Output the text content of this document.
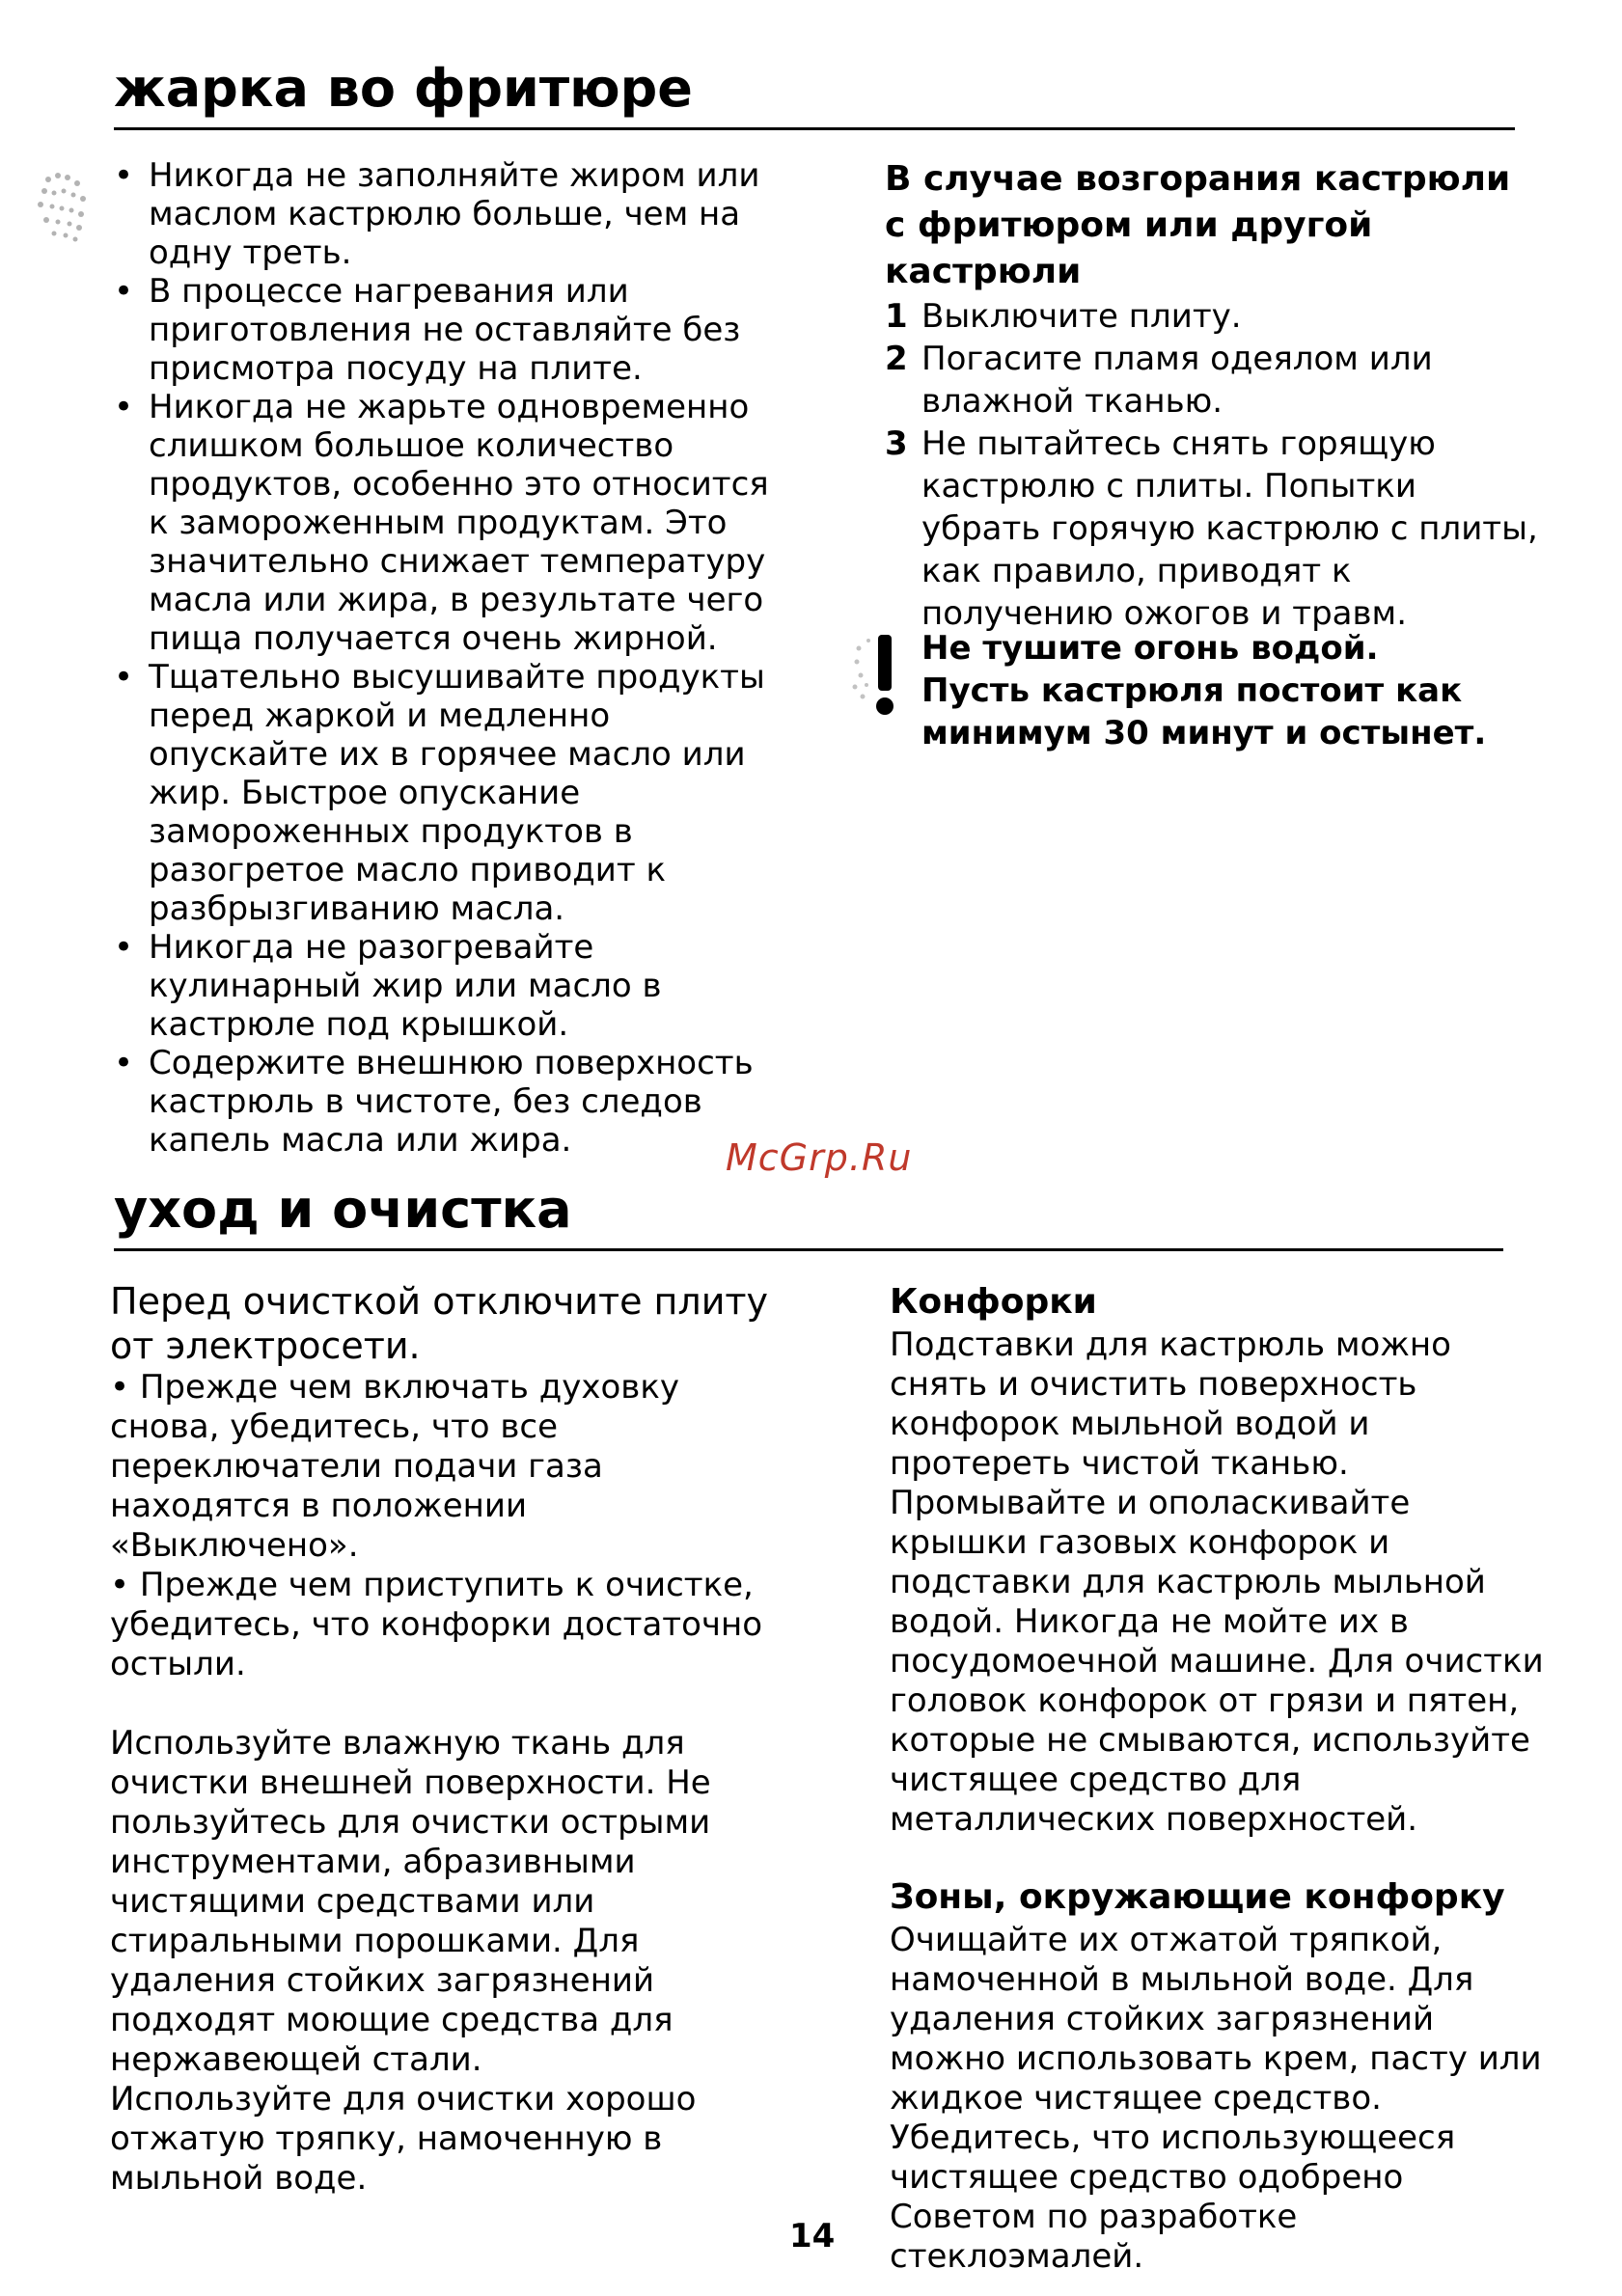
жарка во фритюре
• Никогда не заполняйте жиром или маслом кастрюлю больше, чем на одну треть.
• В процессе нагревания или приготовления не оставляйте без присмотра посуду на плите.
• Никогда не жарьте одновременно слишком большое количество продуктов, особенно это относится к замороженным продуктам. Это значительно снижает температуру масла или жира, в результате чего пища получается очень жирной.
• Тщательно высушивайте продукты перед жаркой и медленно опускайте их в горячее масло или жир. Быстрое опускание замороженных продуктов в разогретое масло приводит к разбрызгиванию масла.
• Никогда не разогревайте кулинарный жир или масло в кастрюле под крышкой.
• Содержите внешнюю поверхность кастрюль в чистоте, без следов капель масла или жира.

В случае возгорания кастрюли с фритюром или другой кастрюли

1 Выключите плиту.
2 Погасите пламя одеялом или влажной тканью.
3 Не пытайтесь снять горящую кастрюлю с плиты. Попытки убрать горячую кастрюлю с плиты, как правило, приводят к получению ожогов и травм.
Не тушите огонь водой.
Пусть кастрюля постоит как
минимум 30 минут и остынет.
McGrp.Ru
уход и очистка

Перед очисткой отключите плиту от электросети.

• Прежде чем включать духовку снова, убедитесь, что все переключатели подачи газа находятся в положении «Выключено».

• Прежде чем приступить к очистке, убедитесь, что конфорки достаточно остыли.

Используйте влажную ткань для очистки внешней поверхности. Не пользуйтесь для очистки острыми инструментами, абразивными чистящими средствами или стиральными порошками. Для удаления стойких загрязнений подходят моющие средства для нержавеющей стали.

Используйте для очистки хорошо отжатую тряпку, намоченную в мыльной воде.

Конфорки

Подставки для кастрюль можно снять и очистить поверхность конфорок мыльной водой и протереть чистой тканью.

Промывайте и ополаскивайте крышки газовых конфорок и подставки для кастрюль мыльной водой. Никогда не мойте их в посудомоечной машине. Для очистки головок конфорок от грязи и пятен, которые не смываются, используйте чистящее средство для металлических поверхностей.

Зоны, окружающие конфорку

Очищайте их отжатой тряпкой, намоченной в мыльной воде. Для удаления стойких загрязнений можно использовать крем, пасту или жидкое чистящее средство. Убедитесь, что использующееся чистящее средство одобрено Советом по разработке стеклоэмалей.

14
